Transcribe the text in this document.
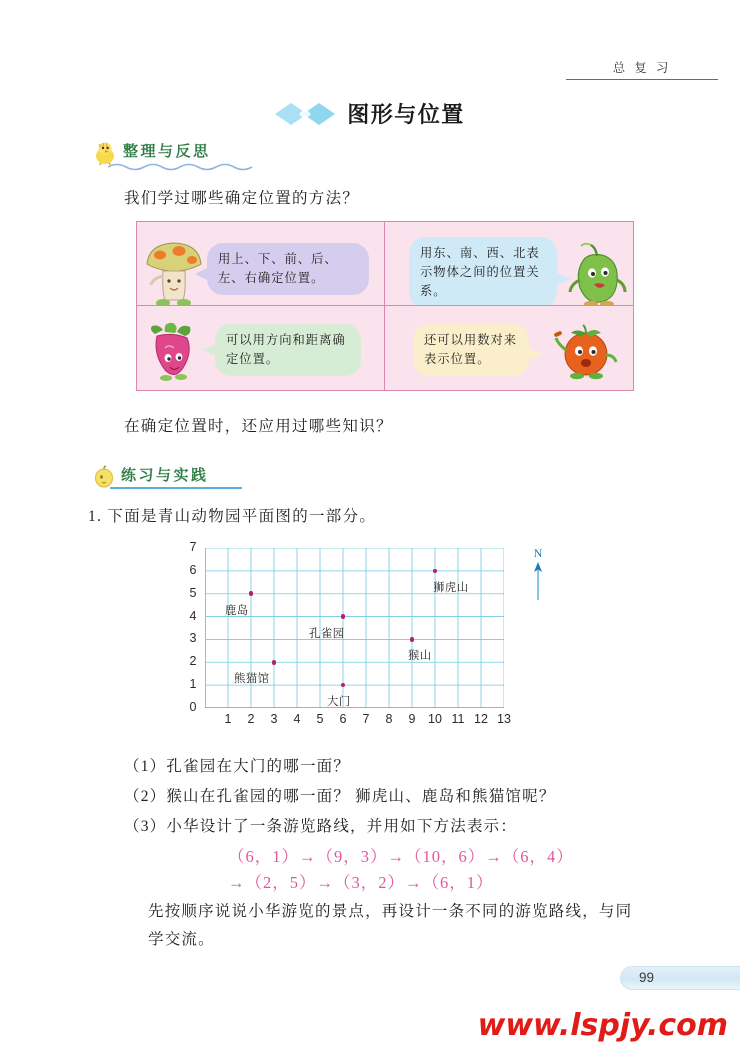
总 复 习
图形与位置
整理与反思

我们学过哪些确定位置的方法？

用上、下、前、后、左、右确定位置。
用东、南、西、北表示物体之间的位置关系。
可以用方向和距离确定位置。
还可以用数对来表示位置。

在确定位置时，还应用过哪些知识？

练习与实践

1. 下面是青山动物园平面图的一部分。

1	2	3	4	5	6	7	8	9	10 11 12 13
0
1
2
3
4
5
6
7
鹿岛
狮虎山
孔雀园
猴山
熊猫馆
大门
N

（1）孔雀园在大门的哪一面？

（2）猴山在孔雀园的哪一面？ 狮虎山、鹿岛和熊猫馆呢？

（3）小华设计了一条游览路线，并用如下方法表示：

（6，1）→（9，3）→（10，6）→（6，4）
→（2，5）→（3，2）→（6，1）

先按顺序说说小华游览的景点，再设计一条不同的游览路线，与同学交流。

99
www.lspjy.com
